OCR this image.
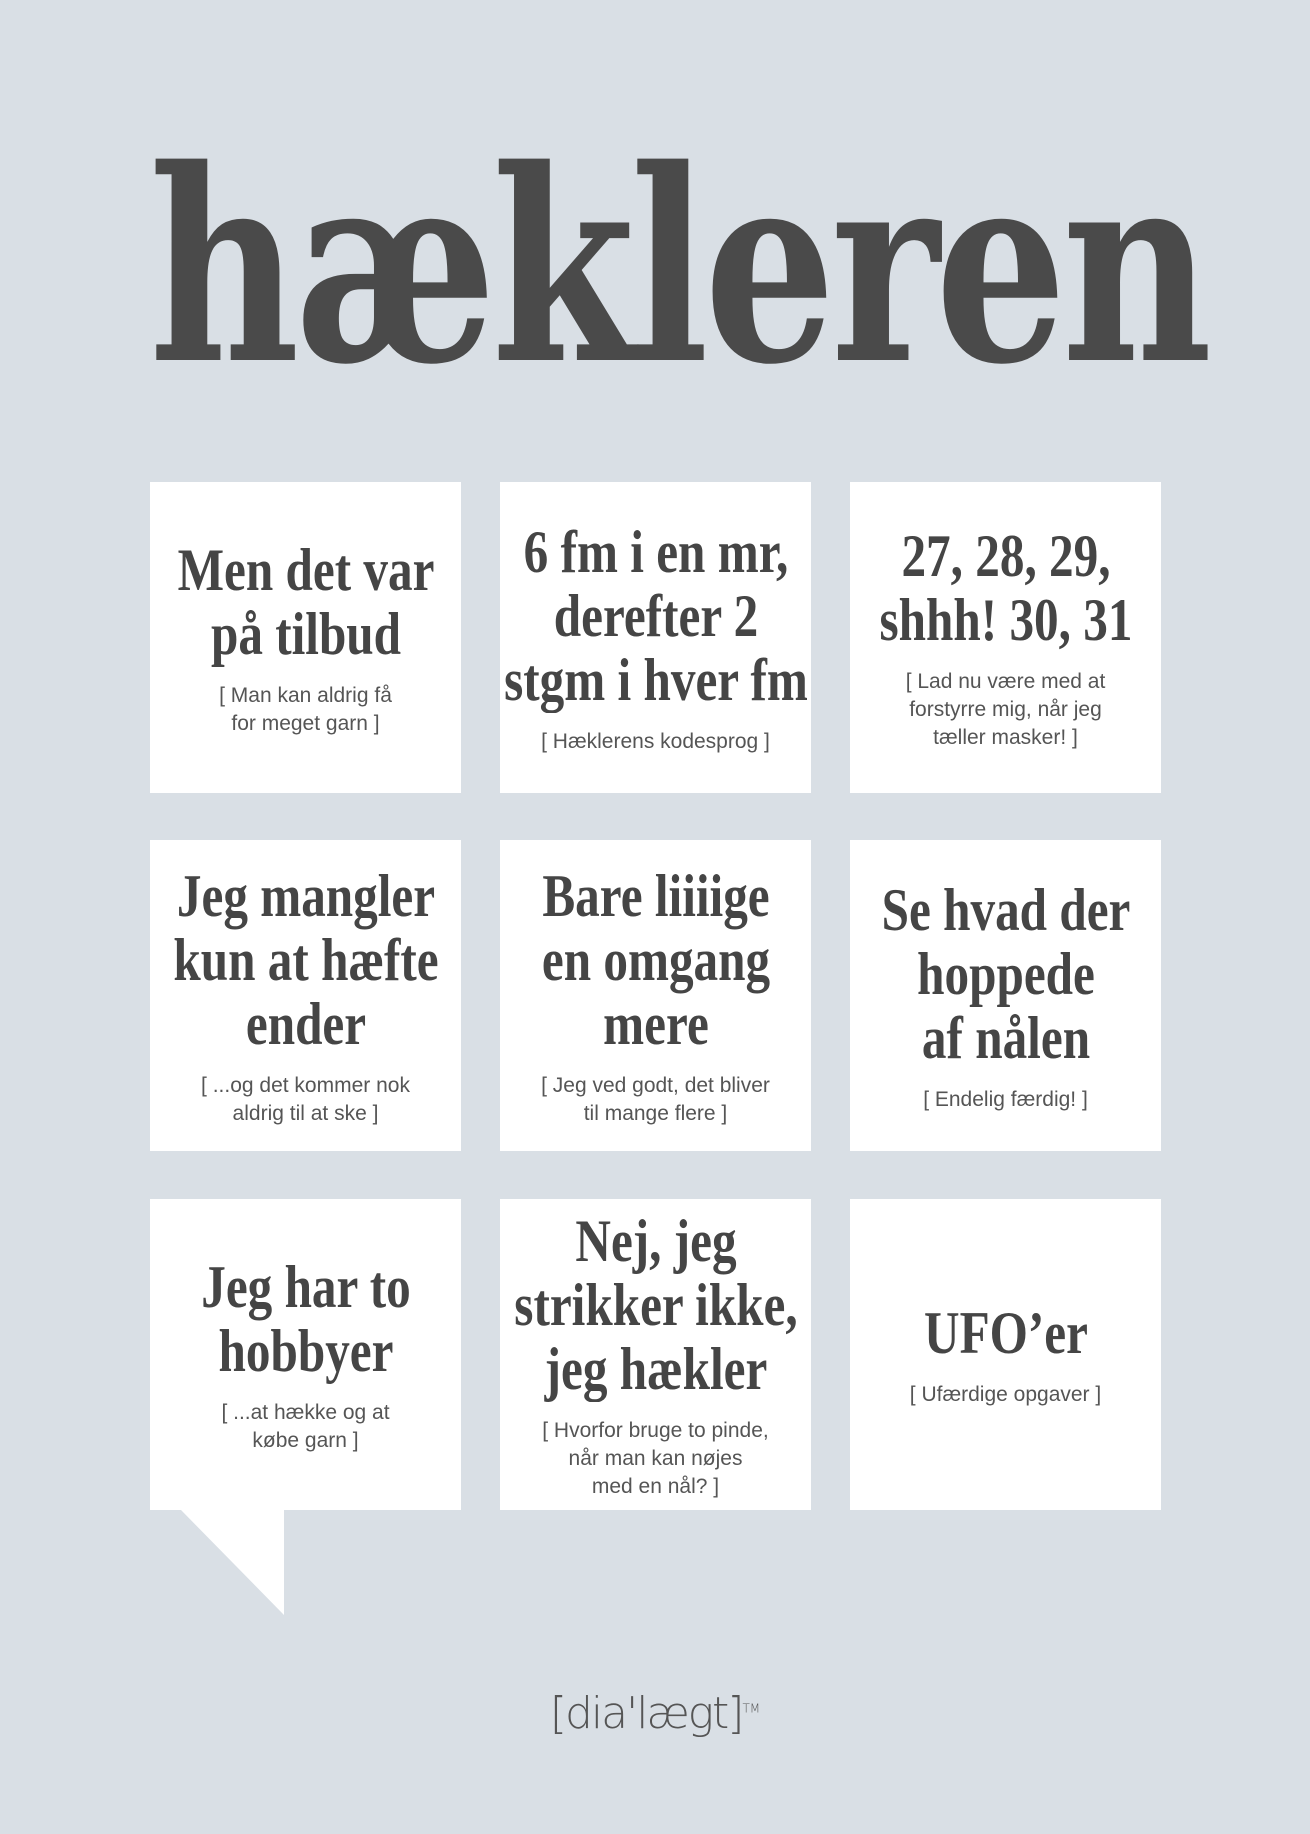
hækleren
Men det var
på tilbud
[ Man kan aldrig få
for meget garn ]
6 fm i en mr,
derefter 2
stgm i hver fm
[ Hæklerens kodesprog ]
27, 28, 29,
shhh! 30, 31
[ Lad nu være med at
forstyrre mig, når jeg
tæller masker! ]
Jeg mangler
kun at hæfte
ender
[ ...og det kommer nok
aldrig til at ske ]
Bare liiiige
en omgang
mere
[ Jeg ved godt, det bliver
til mange flere ]
Se hvad der
hoppede
af nålen
[ Endelig færdig! ]
Jeg har to
hobbyer
[ ...at hække og at
købe garn ]
Nej, jeg
strikker ikke,
jeg hækler
[ Hvorfor bruge to pinde,
når man kan nøjes
med en nål? ]
UFO’er
[ Ufærdige opgaver ]
[dia'lægt]™
